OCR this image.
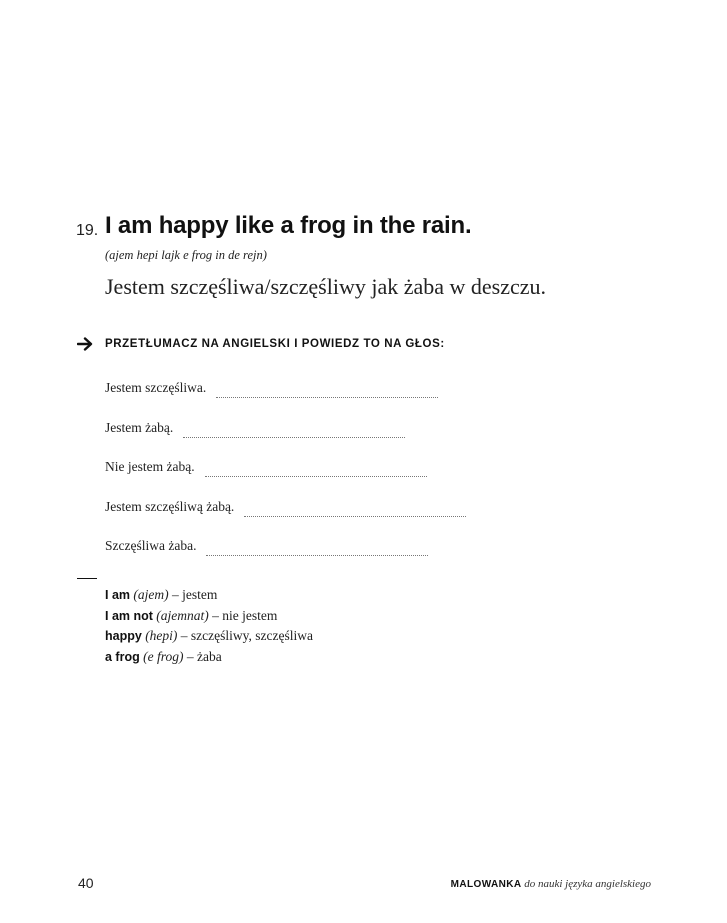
19. I am happy like a frog in the rain.
(ajem hepi lajk e frog in de rejn)
Jestem szczęśliwa/szczęśliwy jak żaba w deszczu.
PRZETŁUMACZ NA ANGIELSKI I POWIEDZ TO NA GŁOS:
Jestem szczęśliwa.
Jestem żabą.
Nie jestem żabą.
Jestem szczęśliwą żabą.
Szczęśliwa żaba.
I am (ajem) – jestem
I am not (ajemnat) – nie jestem
happy (hepi) – szczęśliwy, szczęśliwa
a frog (e frog) – żaba
40	MALOWANKA do nauki języka angielskiego
